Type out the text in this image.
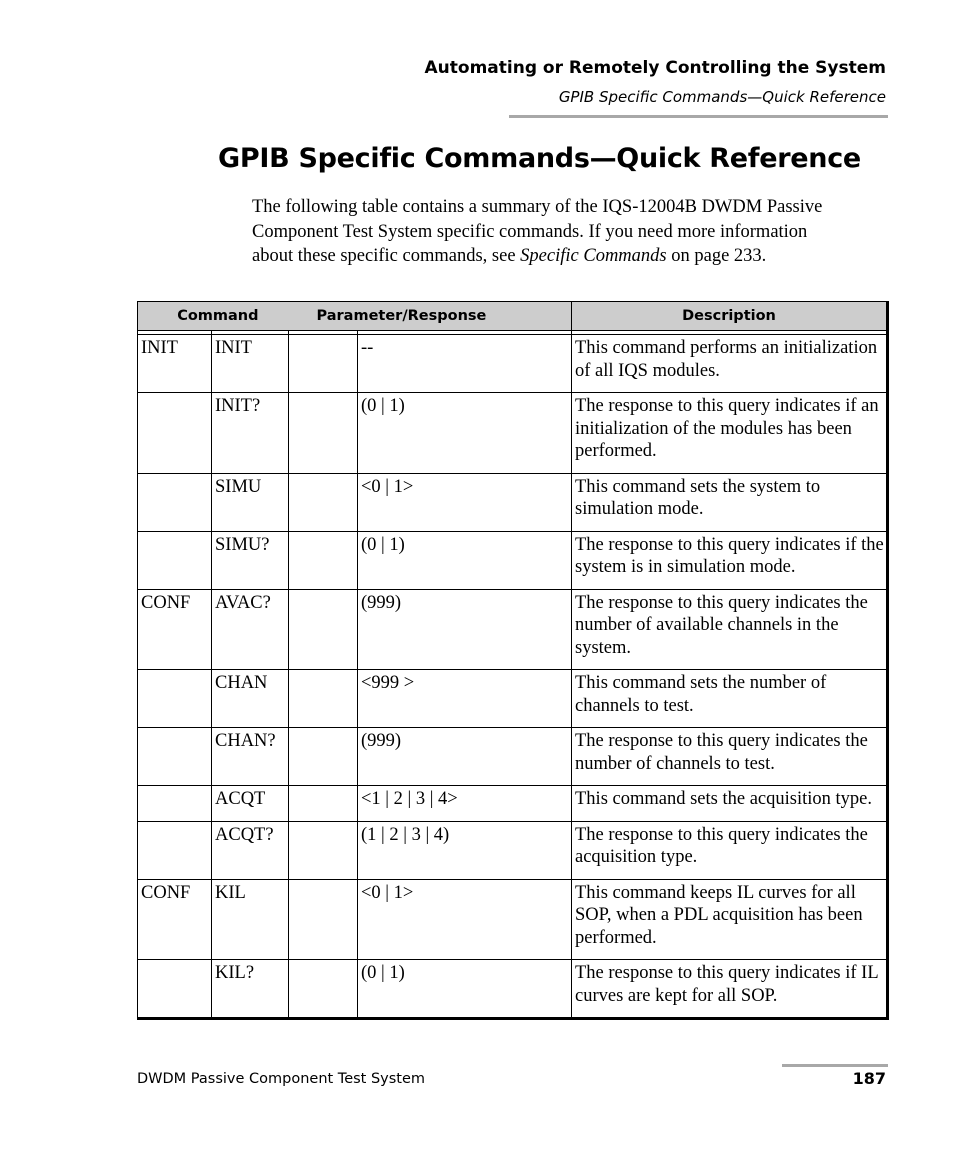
Automating or Remotely Controlling the System
GPIB Specific Commands—Quick Reference
GPIB Specific Commands—Quick Reference
The following table contains a summary of the IQS-12004B DWDM Passive
Component Test System specific commands. If you need more information
about these specific commands, see Specific Commands on page 233.
Command		Parameter/Response		Description

INIT	INIT		--	This command performs an initialization of all IQS modules.
	INIT?		(0 | 1)	The response to this query indicates if an initialization of the modules has been performed.
	SIMU		<0 | 1>	This command sets the system to simulation mode.
	SIMU?		(0 | 1)	The response to this query indicates if the system is in simulation mode.
CONF	AVAC?		(999)	The response to this query indicates the number of available channels in the system.
	CHAN		<999 >	This command sets the number of channels to test.
	CHAN?		(999)	The response to this query indicates the number of channels to test.
	ACQT		<1 | 2 | 3 | 4>	This command sets the acquisition type.
	ACQT?		(1 | 2 | 3 | 4)	The response to this query indicates the acquisition type.
CONF	KIL		<0 | 1>	This command keeps IL curves for all SOP, when a PDL acquisition has been performed.
	KIL?		(0 | 1)	The response to this query indicates if IL curves are kept for all SOP.
DWDM Passive Component Test System	187
